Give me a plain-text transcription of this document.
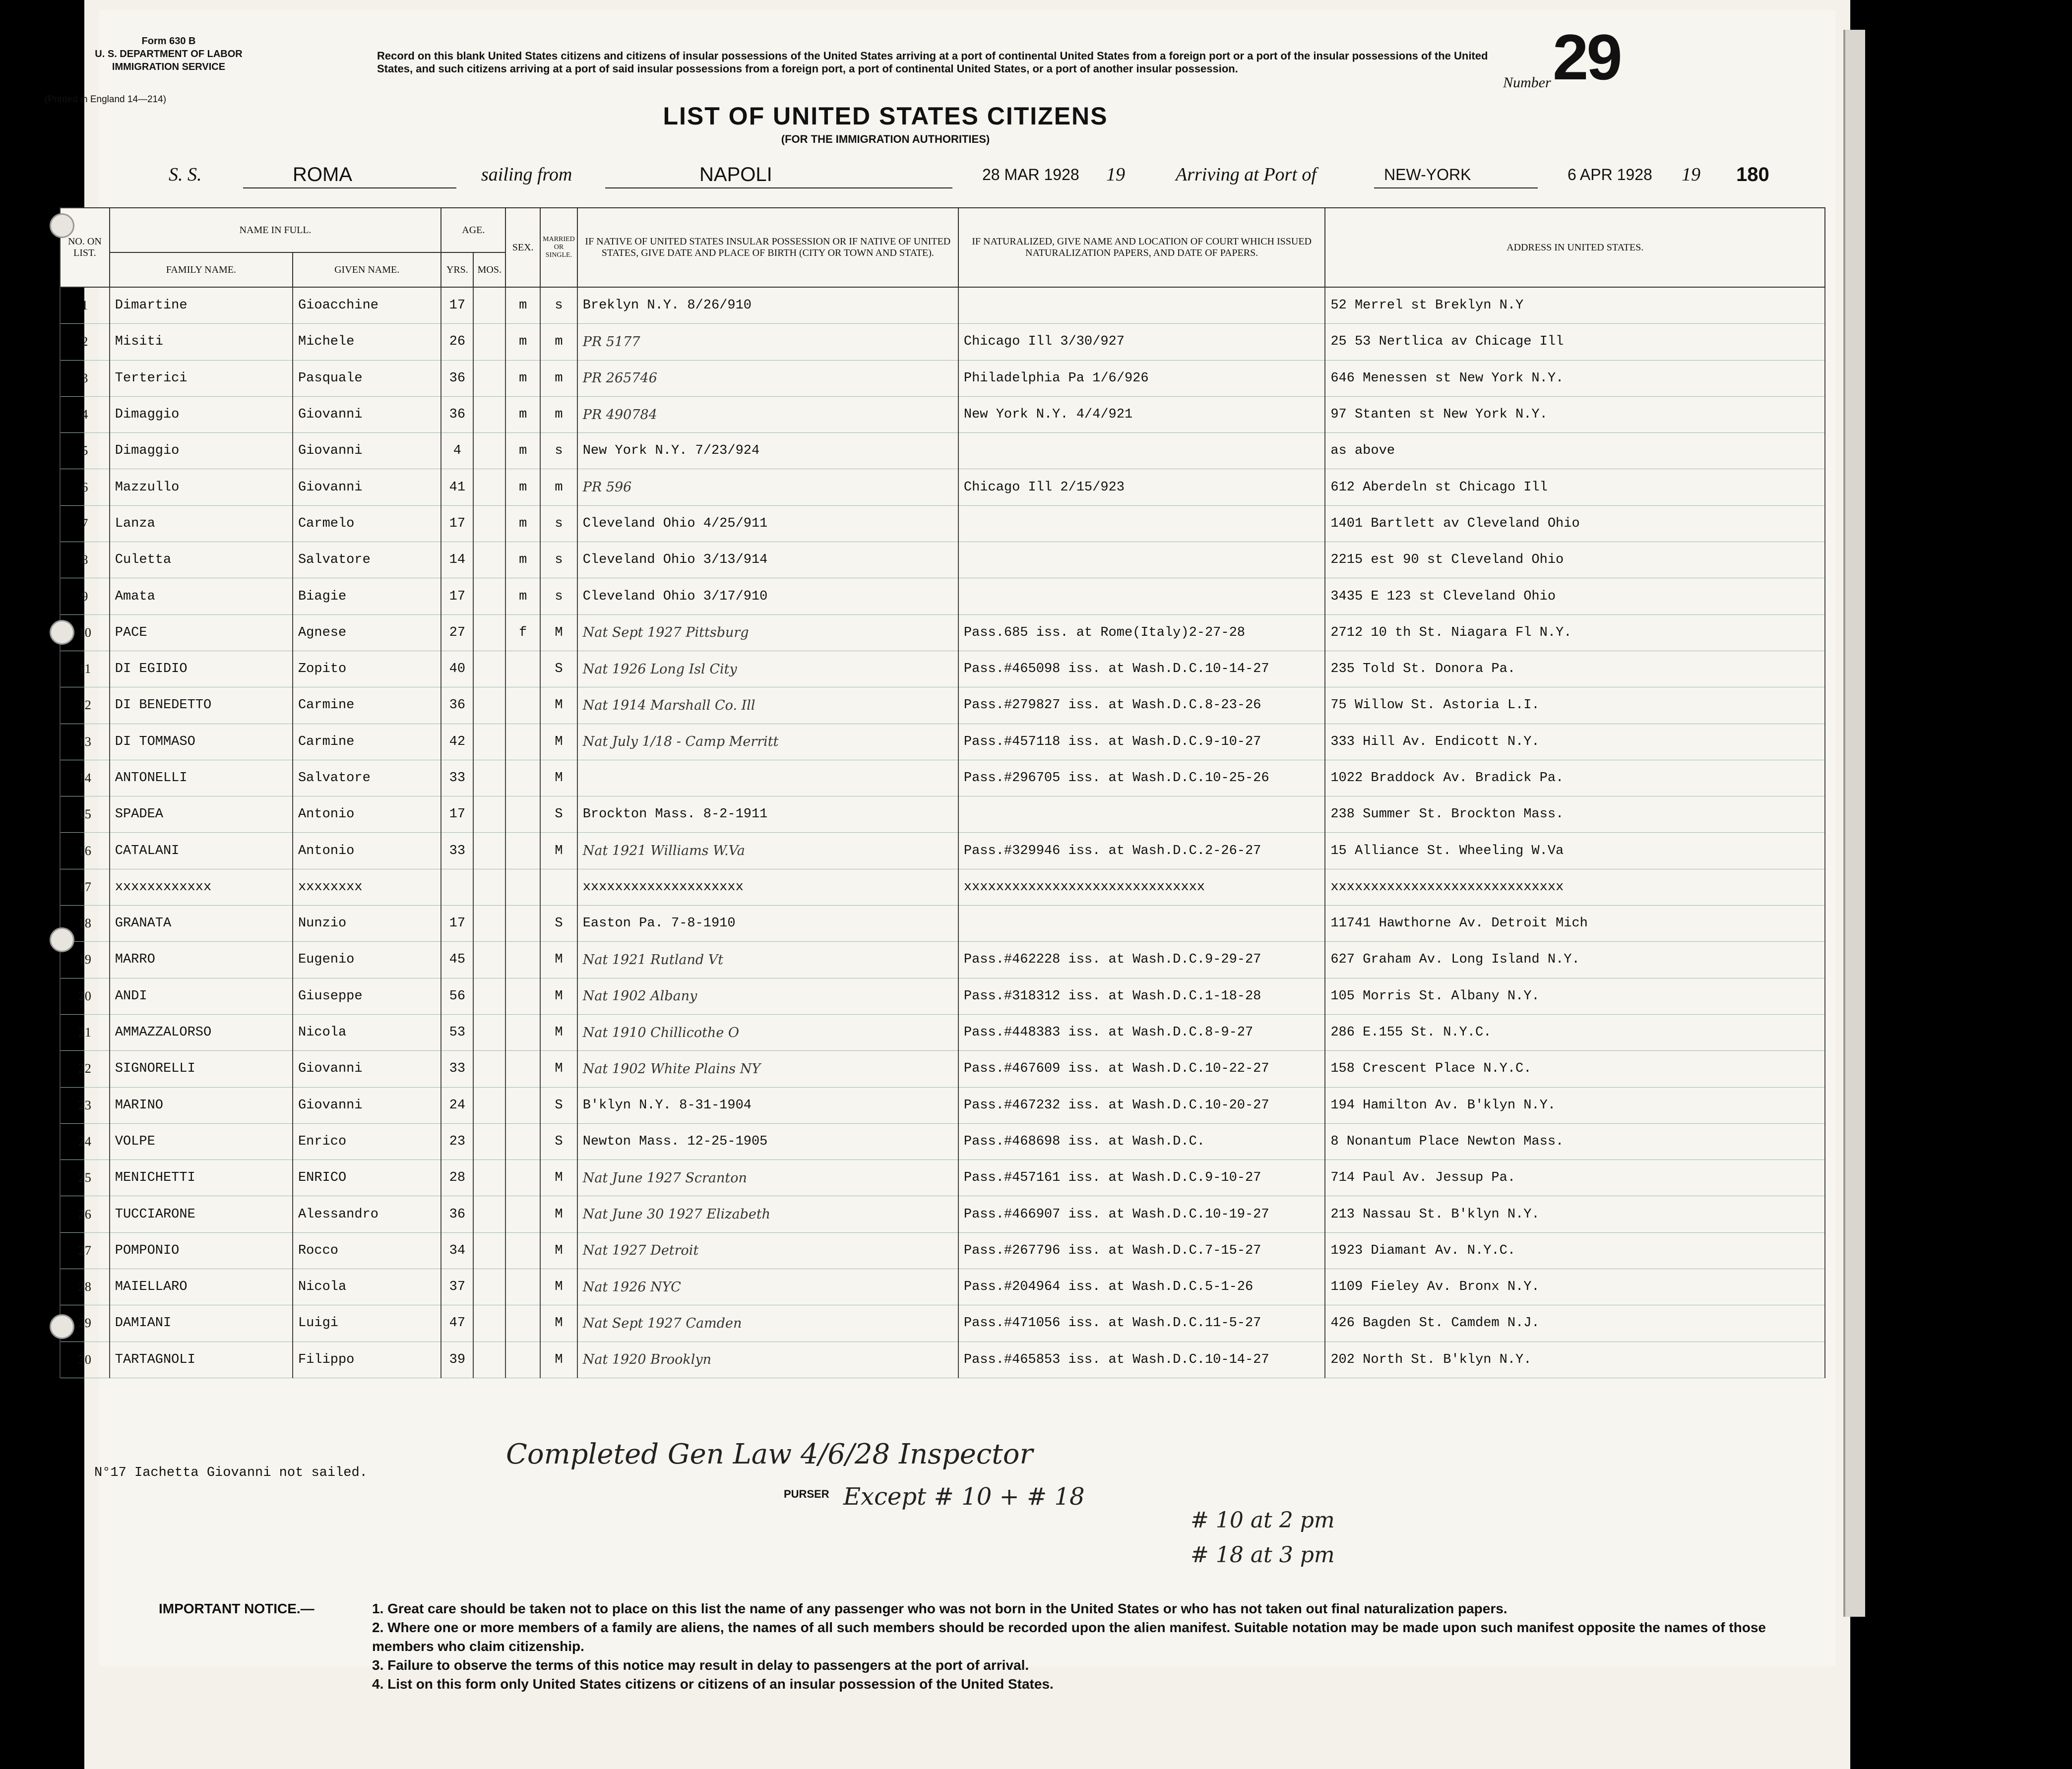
Form 630 B
U. S. DEPARTMENT OF LABOR
IMMIGRATION SERVICE
(Printed in England 14—214)
Record on this blank United States citizens and citizens of insular possessions of the United States arriving at a port of continental United States from a foreign port or a port of the insular possessions of the United States, and such citizens arriving at a port of said insular possessions from a foreign port, a port of continental United States, or a port of another insular possession.
LIST OF UNITED STATES CITIZENS
(FOR THE IMMIGRATION AUTHORITIES)
Number 29
S. S.	ROMA	sailing from	NAPOLI	28 MAR 1928 19	Arriving at Port of	NEW-YORK	6 APR 1928 19 180
NO. ON LIST.	NAME IN FULL.		AGE.		SEX.	MARRIED OR SINGLE.	IF NATIVE OF UNITED STATES INSULAR POSSESSION OR IF NATIVE OF UNITED STATES, GIVE DATE AND PLACE OF BIRTH (CITY OR TOWN AND STATE).	IF NATURALIZED, GIVE NAME AND LOCATION OF COURT WHICH ISSUED NATURALIZATION PAPERS, AND DATE OF PAPERS.	ADDRESS IN UNITED STATES.
	FAMILY NAME.	GIVEN NAME.	YRS.	MOS.					
1	Dimartine	Gioacchine	17		m	s	Breklyn N.Y. 8/26/910		52 Merrel st Breklyn N.Y
2	Misiti	Michele	26		m	m	PR 5177	Chicago Ill 3/30/927	25 53 Nertlica av Chicage Ill
3	Terterici	Pasquale	36		m	m	PR 265746	Philadelphia Pa 1/6/926	646 Menessen st New York N.Y.
4	Dimaggio	Giovanni	36		m	m	PR 490784	New York N.Y. 4/4/921	97 Stanten st New York N.Y.
5	Dimaggio	Giovanni	4		m	s	New York N.Y. 7/23/924		as above
6	Mazzullo	Giovanni	41		m	m	PR 596	Chicago Ill 2/15/923	612 Aberdeln st Chicago Ill
7	Lanza	Carmelo	17		m	s	Cleveland Ohio 4/25/911		1401 Bartlett av Cleveland Ohio
8	Culetta	Salvatore	14		m	s	Cleveland Ohio 3/13/914		2215 est 90 st Cleveland Ohio
9	Amata	Biagie	17		m	s	Cleveland Ohio 3/17/910		3435 E 123 st Cleveland Ohio
10	PACE	Agnese	27		f	M	Nat Sept 1927 Pittsburg	Pass.685 iss. at Rome(Italy)2-27-28	2712 10 th St. Niagara Fl N.Y.
11	DI EGIDIO	Zopito	40			S	Nat 1926 Long Isl City	Pass.#465098 iss. at Wash.D.C.10-14-27	235 Told St. Donora Pa.
12	DI BENEDETTO	Carmine	36			M	Nat 1914 Marshall Co. Ill	Pass.#279827 iss. at Wash.D.C.8-23-26	75 Willow St. Astoria L.I.
13	DI TOMMASO	Carmine	42			M	Nat July 1/18 - Camp Merritt	Pass.#457118 iss. at Wash.D.C.9-10-27	333 Hill Av. Endicott N.Y.
14	ANTONELLI	Salvatore	33			M		Pass.#296705 iss. at Wash.D.C.10-25-26	1022 Braddock Av. Bradick Pa.
15	SPADEA	Antonio	17			S	Brockton Mass. 8-2-1911		238 Summer St. Brockton Mass.
16	CATALANI	Antonio	33			M	Nat 1921 Williams W.Va	Pass.#329946 iss. at Wash.D.C.2-26-27	15 Alliance St. Wheeling W.Va
17	xxxxxxxxxxxx	xxxxxxxx					xxxxxxxxxxxxxxxxxxxx	xxxxxxxxxxxxxxxxxxxxxxxxxxxxxx	xxxxxxxxxxxxxxxxxxxxxxxxxxxxx
18	GRANATA	Nunzio	17			S	Easton Pa. 7-8-1910		11741 Hawthorne Av. Detroit Mich
19	MARRO	Eugenio	45			M	Nat 1921 Rutland Vt	Pass.#462228 iss. at Wash.D.C.9-29-27	627 Graham Av. Long Island N.Y.
20	ANDI	Giuseppe	56			M	Nat 1902 Albany	Pass.#318312 iss. at Wash.D.C.1-18-28	105 Morris St. Albany N.Y.
21	AMMAZZALORSO	Nicola	53			M	Nat 1910 Chillicothe O	Pass.#448383 iss. at Wash.D.C.8-9-27	286 E.155 St. N.Y.C.
22	SIGNORELLI	Giovanni	33			M	Nat 1902 White Plains NY	Pass.#467609 iss. at Wash.D.C.10-22-27	158 Crescent Place N.Y.C.
23	MARINO	Giovanni	24			S	B'klyn N.Y. 8-31-1904	Pass.#467232 iss. at Wash.D.C.10-20-27	194 Hamilton Av. B'klyn N.Y.
24	VOLPE	Enrico	23			S	Newton Mass. 12-25-1905	Pass.#468698 iss. at Wash.D.C.	8 Nonantum Place Newton Mass.
25	MENICHETTI	ENRICO	28			M	Nat June 1927 Scranton	Pass.#457161 iss. at Wash.D.C.9-10-27	714 Paul Av. Jessup Pa.
26	TUCCIARONE	Alessandro	36			M	Nat June 30 1927 Elizabeth	Pass.#466907 iss. at Wash.D.C.10-19-27	213 Nassau St. B'klyn N.Y.
27	POMPONIO	Rocco	34			M	Nat 1927 Detroit	Pass.#267796 iss. at Wash.D.C.7-15-27	1923 Diamant Av. N.Y.C.
28	MAIELLARO	Nicola	37			M	Nat 1926 NYC	Pass.#204964 iss. at Wash.D.C.5-1-26	1109 Fieley Av. Bronx N.Y.
29	DAMIANI	Luigi	47			M	Nat Sept 1927 Camden	Pass.#471056 iss. at Wash.D.C.11-5-27	426 Bagden St. Camdem N.J.
30	TARTAGNOLI	Filippo	39			M	Nat 1920 Brooklyn	Pass.#465853 iss. at Wash.D.C.10-14-27	202 North St. B'klyn N.Y.
N°17 Iachetta Giovanni not sailed.
PURSER
Completed Gen Law 4/6/28 Inspector
Except # 10 + # 18
# 10 at 2 pm
# 18 at 3 pm
IMPORTANT NOTICE.—	1. Great care should be taken not to place on this list the name of any passenger who was not born in the United States or who has not taken out final naturalization papers.
2. Where one or more members of a family are aliens, the names of all such members should be recorded upon the alien manifest. Suitable notation may be made upon such manifest opposite the names of those members who claim citizenship.
3. Failure to observe the terms of this notice may result in delay to passengers at the port of arrival.
4. List on this form only United States citizens or citizens of an insular possession of the United States.
